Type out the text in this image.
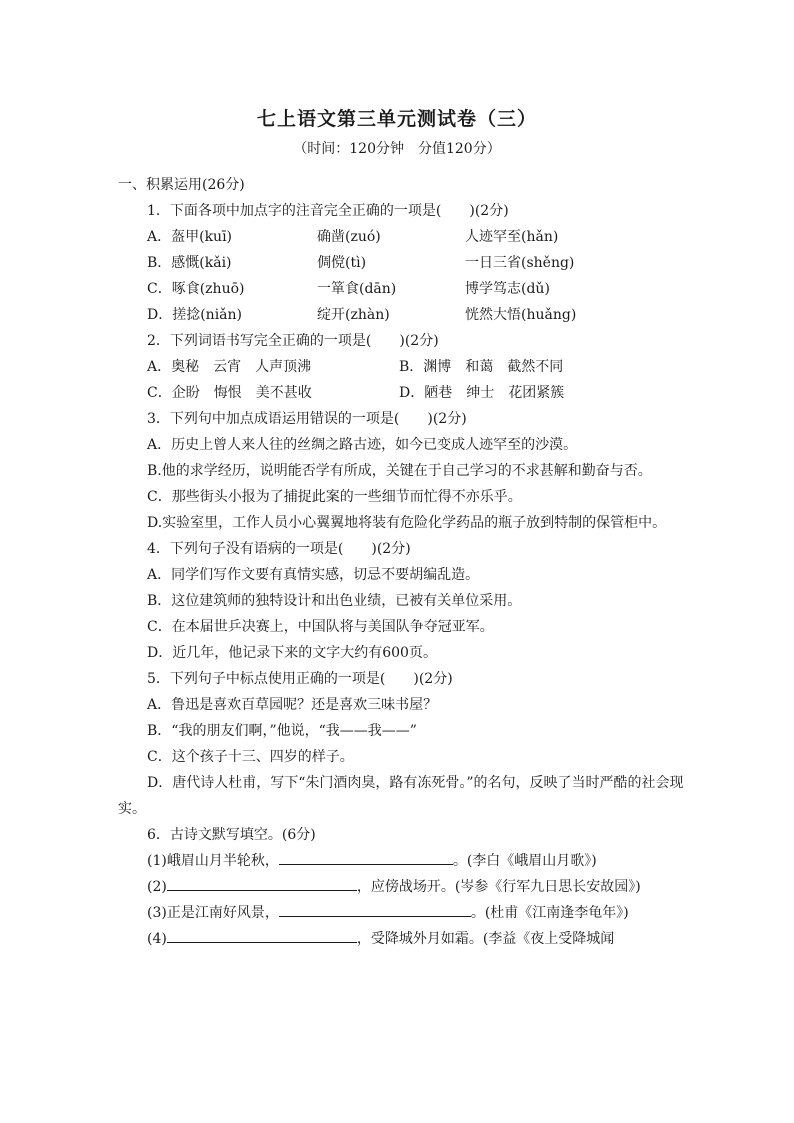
七上语文第三单元测试卷（三）
（时间：120分钟　分值120分）
一、积累运用(26分)
1．下面各项中加点字的注音完全正确的一项是(　　)(2分)
A．盔甲(kuī)	确凿(zuó)	人迹罕至(hǎn)
B．感慨(kǎi)	倜傥(tì)	一日三省(shěng)
C．啄食(zhuō)	一箪食(dān)	博学笃志(dǔ)
D．搓捻(niǎn)	绽开(zhàn)	恍然大悟(huǎng)
2．下列词语书写完全正确的一项是(　　)(2分)
A．奥秘　云宵　人声顶沸	B．渊博　和蔼　截然不同
C．企盼　悔恨　美不甚收	D．陋巷　绅士　花团紧簇
3．下列句中加点成语运用错误的一项是(　　)(2分)
A．历史上曾人来人往的丝绸之路古迹，如今已变成人迹罕至的沙漠。
B.他的求学经历，说明能否学有所成，关键在于自己学习的不求甚解和勤奋与否。
C．那些街头小报为了捕捉此案的一些细节而忙得不亦乐乎。
D.实验室里，工作人员小心翼翼地将装有危险化学药品的瓶子放到特制的保管柜中。
4．下列句子没有语病的一项是(　　)(2分)
A．同学们写作文要有真情实感，切忌不要胡编乱造。
B．这位建筑师的独特设计和出色业绩，已被有关单位采用。
C．在本届世乒决赛上，中国队将与美国队争夺冠亚军。
D．近几年，他记录下来的文字大约有600页。
5．下列句子中标点使用正确的一项是(　　)(2分)
A．鲁迅是喜欢百草园呢？还是喜欢三味书屋？
B．“我的朋友们啊，”他说，“我——我——”
C．这个孩子十三、四岁的样子。
D．唐代诗人杜甫，写下“朱门酒肉臭，路有冻死骨。”的名句，反映了当时严酷的社会现实。
6．古诗文默写填空。(6分)
(1)峨眉山月半轮秋，	。(李白《峨眉山月歌》)
(2)	，应傍战场开。(岑参《行军九日思长安故园》)
(3)正是江南好风景，	。(杜甫《江南逢李龟年》)
(4)	，受降城外月如霜。(李益《夜上受降城闻
